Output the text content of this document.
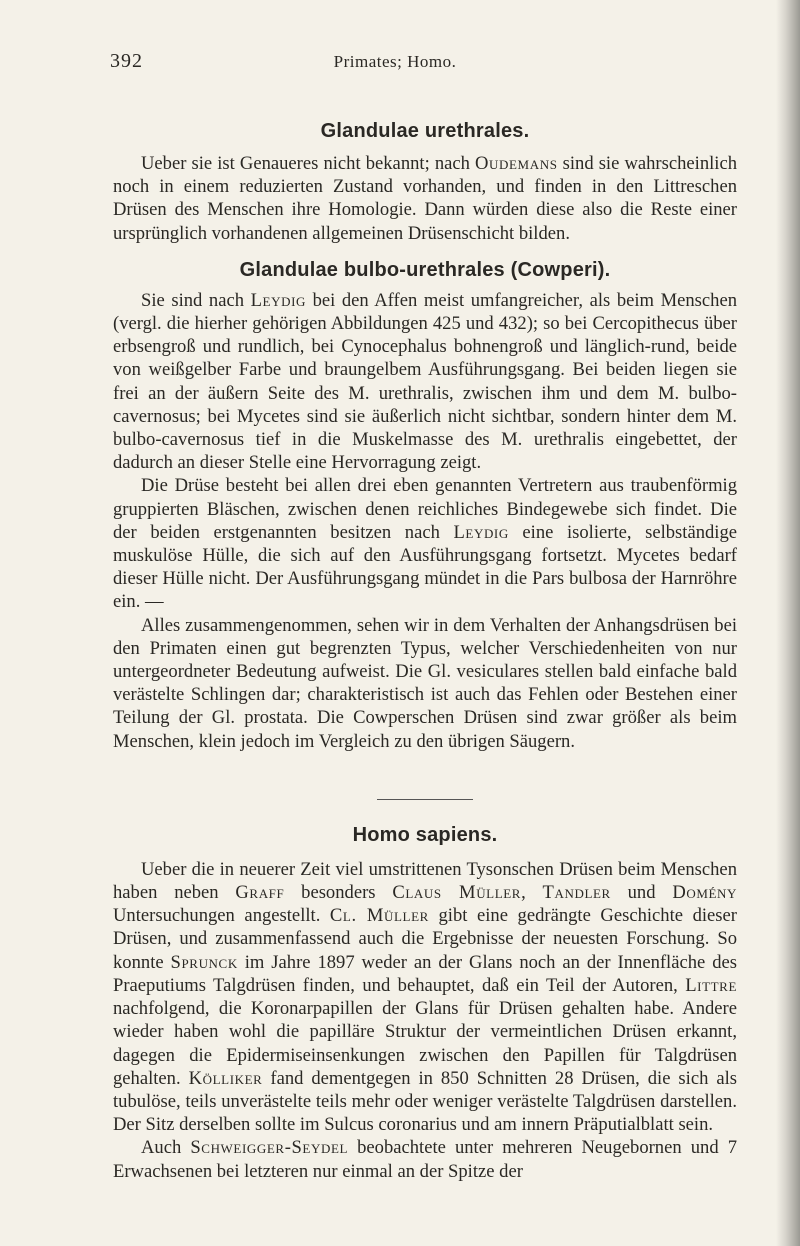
392	Primates; Homo.
Glandulae urethrales.

Ueber sie ist Genaueres nicht bekannt; nach Oudemans sind sie wahrscheinlich noch in einem reduzierten Zustand vorhanden, und finden in den Littreschen Drüsen des Menschen ihre Homologie. Dann würden diese also die Reste einer ursprünglich vorhandenen allgemeinen Drüsenschicht bilden.

Glandulae bulbo-urethrales (Cowperi).

Sie sind nach Leydig bei den Affen meist umfangreicher, als beim Menschen (vergl. die hierher gehörigen Abbildungen 425 und 432); so bei Cercopithecus über erbsengroß und rundlich, bei Cynocephalus bohnengroß und länglich-rund, beide von weißgelber Farbe und braungelbem Ausführungsgang. Bei beiden liegen sie frei an der äußern Seite des M. urethralis, zwischen ihm und dem M. bulbo-cavernosus; bei Mycetes sind sie äußerlich nicht sichtbar, sondern hinter dem M. bulbo-cavernosus tief in die Muskelmasse des M. urethralis eingebettet, der dadurch an dieser Stelle eine Hervorragung zeigt.

Die Drüse besteht bei allen drei eben genannten Vertretern aus traubenförmig gruppierten Bläschen, zwischen denen reichliches Bindegewebe sich findet. Die der beiden erstgenannten besitzen nach Leydig eine isolierte, selbständige muskulöse Hülle, die sich auf den Ausführungsgang fortsetzt. Mycetes bedarf dieser Hülle nicht. Der Ausführungsgang mündet in die Pars bulbosa der Harnröhre ein. —

Alles zusammengenommen, sehen wir in dem Verhalten der Anhangsdrüsen bei den Primaten einen gut begrenzten Typus, welcher Verschiedenheiten von nur untergeordneter Bedeutung aufweist. Die Gl. vesiculares stellen bald einfache bald verästelte Schlingen dar; charakteristisch ist auch das Fehlen oder Bestehen einer Teilung der Gl. prostata. Die Cowperschen Drüsen sind zwar größer als beim Menschen, klein jedoch im Vergleich zu den übrigen Säugern.

Homo sapiens.

Ueber die in neuerer Zeit viel umstrittenen Tysonschen Drüsen beim Menschen haben neben Graff besonders Claus Müller, Tandler und Domény Untersuchungen angestellt. Cl. Müller gibt eine gedrängte Geschichte dieser Drüsen, und zusammenfassend auch die Ergebnisse der neuesten Forschung. So konnte Sprunck im Jahre 1897 weder an der Glans noch an der Innenfläche des Praeputiums Talgdrüsen finden, und behauptet, daß ein Teil der Autoren, Littre nachfolgend, die Koronarpapillen der Glans für Drüsen gehalten habe. Andere wieder haben wohl die papilläre Struktur der vermeintlichen Drüsen erkannt, dagegen die Epidermiseinsenkungen zwischen den Papillen für Talgdrüsen gehalten. Kölliker fand dementgegen in 850 Schnitten 28 Drüsen, die sich als tubulöse, teils unverästelte teils mehr oder weniger verästelte Talgdrüsen darstellen. Der Sitz derselben sollte im Sulcus coronarius und am innern Präputialblatt sein.

Auch Schweigger-Seydel beobachtete unter mehreren Neugebornen und 7 Erwachsenen bei letzteren nur einmal an der Spitze der
